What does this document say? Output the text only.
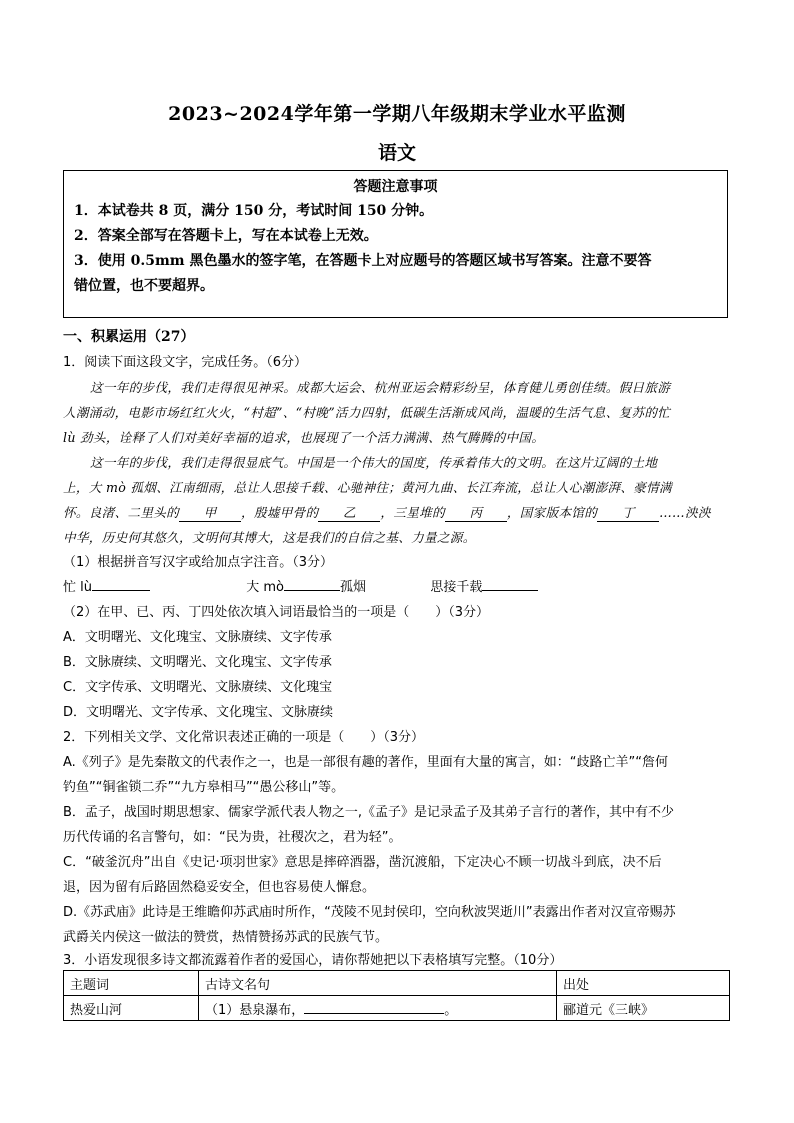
2023~2024学年第一学期八年级期末学业水平监测
语文
答题注意事项
1．本试卷共 8 页，满分 150 分，考试时间 150 分钟。
2．答案全部写在答题卡上，写在本试卷上无效。
3．使用 0.5mm 黑色墨水的签字笔，在答题卡上对应题号的答题区域书写答案。注意不要答
错位置，也不要超界。
一、积累运用（27）
1．阅读下面这段文字，完成任务。（6分）
这一年的步伐，我们走得很见神采。成都大运会、杭州亚运会精彩纷呈，体育健儿勇创佳绩。假日旅游
人潮涌动，电影市场红红火火，“村超”、“村晚”活力四射，低碳生活渐成风尚，温暖的生活气息、复苏的忙
lù 劲头，诠释了人们对美好幸福的追求，也展现了一个活力满满、热气腾腾的中国。
这一年的步伐，我们走得很显底气。中国是一个伟大的国度，传承着伟大的文明。在这片辽阔的土地
上，大 mò 孤烟、江南细雨，总让人思接千载、心驰神往；黄河九曲、长江奔流，总让人心潮澎湃、豪情满
怀。良渚、二里头的 甲 ，殷墟甲骨的 乙 ，三星堆的 丙 ，国家版本馆的 丁 ……泱泱
中华，历史何其悠久，文明何其博大，这是我们的自信之基、力量之源。
（1）根据拼音写汉字或给加点字注音。（3分）
忙 lù	大 mò	孤烟	思接千载
（2）在甲、已、丙、丁四处依次填入词语最恰当的一项是（　　）（3分）
A．文明曙光、文化瑰宝、文脉赓续、文字传承
B．文脉赓续、文明曙光、文化瑰宝、文字传承
C．文字传承、文明曙光、文脉赓续、文化瑰宝
D．文明曙光、文字传承、文化瑰宝、文脉赓续
2．下列相关文学、文化常识表述正确的一项是（　　）（3分）
A.《列子》是先秦散文的代表作之一，也是一部很有趣的著作，里面有大量的寓言，如：“歧路亡羊”“詹何
钓鱼”“铜雀锁二乔”“九方皋相马”“愚公移山”等。
B．孟子，战国时期思想家、儒家学派代表人物之一,《孟子》是记录孟子及其弟子言行的著作，其中有不少
历代传诵的名言警句，如：“民为贵，社稷次之，君为轻”。
C．“破釜沉舟”出自《史记·项羽世家》意思是摔碎酒器，凿沉渡船，下定决心不顾一切战斗到底，决不后
退，因为留有后路固然稳妥安全，但也容易使人懈怠。
D.《苏武庙》此诗是王维瞻仰苏武庙时所作，“茂陵不见封侯印，空向秋波哭逝川”表露出作者对汉宣帝赐苏
武爵关内侯这一做法的赞赏，热情赞扬苏武的民族气节。
3．小语发现很多诗文都流露着作者的爱国心，请你帮她把以下表格填写完整。（10分）
主题词	古诗文名句	出处
热爱山河	（1）悬泉瀑布， 。	郦道元《三峡》
